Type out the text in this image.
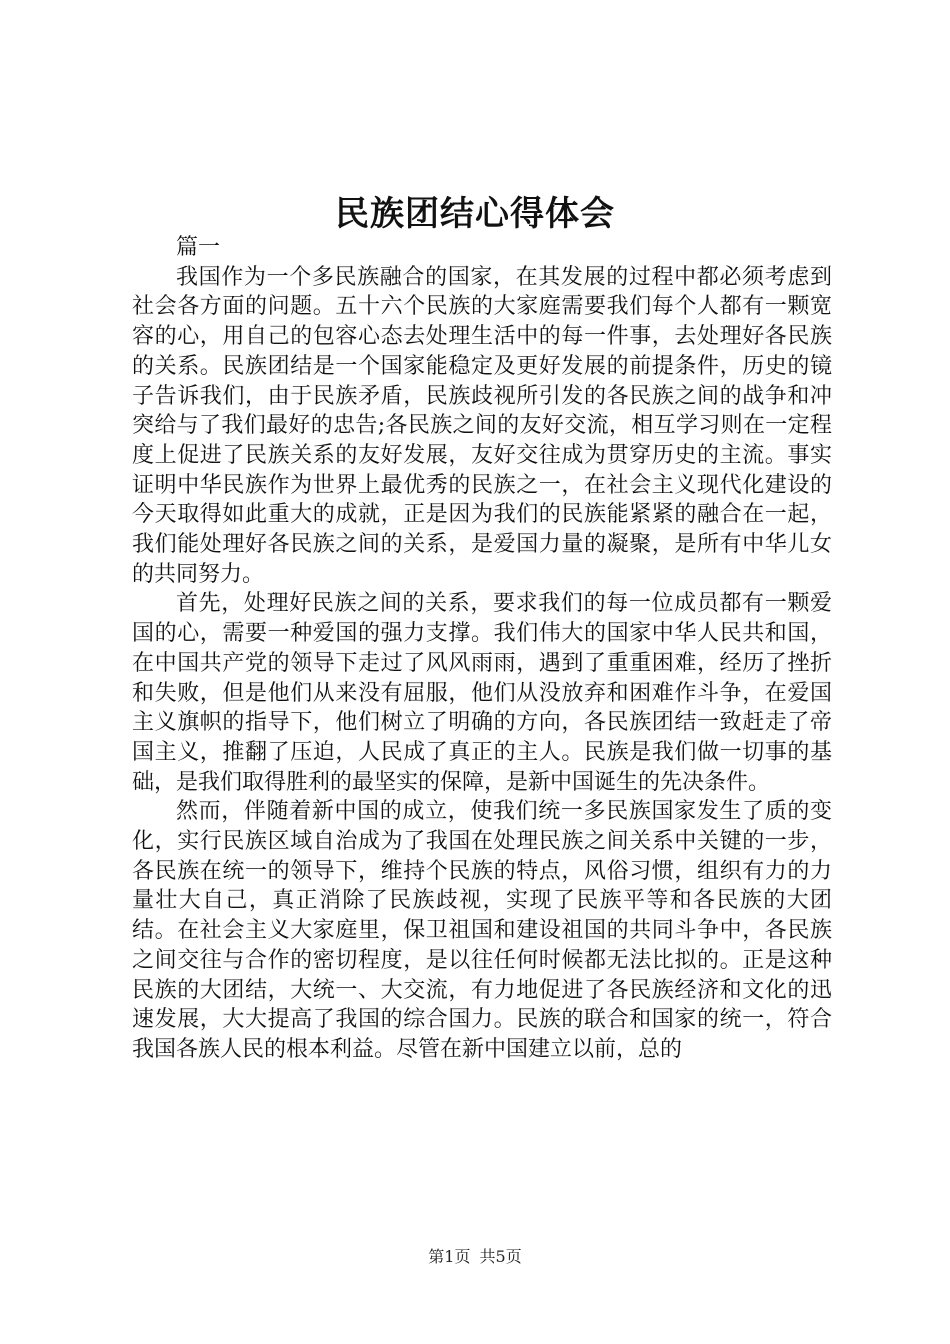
民族团结心得体会

篇一

我国作为一个多民族融合的国家，在其发展的过程中都必须考虑到社会各方面的问题。五十六个民族的大家庭需要我们每个人都有一颗宽容的心，用自己的包容心态去处理生活中的每一件事，去处理好各民族的关系。民族团结是一个国家能稳定及更好发展的前提条件，历史的镜子告诉我们，由于民族矛盾，民族歧视所引发的各民族之间的战争和冲突给与了我们最好的忠告;各民族之间的友好交流，相互学习则在一定程度上促进了民族关系的友好发展，友好交往成为贯穿历史的主流。事实证明中华民族作为世界上最优秀的民族之一，在社会主义现代化建设的今天取得如此重大的成就，正是因为我们的民族能紧紧的融合在一起，我们能处理好各民族之间的关系，是爱国力量的凝聚，是所有中华儿女的共同努力。

首先，处理好民族之间的关系，要求我们的每一位成员都有一颗爱国的心，需要一种爱国的强力支撑。我们伟大的国家中华人民共和国，在中国共产党的领导下走过了风风雨雨，遇到了重重困难，经历了挫折和失败，但是他们从来没有屈服，他们从没放弃和困难作斗争，在爱国主义旗帜的指导下，他们树立了明确的方向，各民族团结一致赶走了帝国主义，推翻了压迫，人民成了真正的主人。民族是我们做一切事的基础，是我们取得胜利的最坚实的保障，是新中国诞生的先决条件。

然而，伴随着新中国的成立，使我们统一多民族国家发生了质的变化，实行民族区域自治成为了我国在处理民族之间关系中关键的一步，各民族在统一的领导下，维持个民族的特点，风俗习惯，组织有力的力量壮大自己，真正消除了民族歧视，实现了民族平等和各民族的大团结。在社会主义大家庭里，保卫祖国和建设祖国的共同斗争中，各民族之间交往与合作的密切程度，是以往任何时候都无法比拟的。正是这种民族的大团结，大统一、大交流，有力地促进了各民族经济和文化的迅速发展，大大提高了我国的综合国力。民族的联合和国家的统一，符合我国各族人民的根本利益。尽管在新中国建立以前，总的

第1页 共5页
